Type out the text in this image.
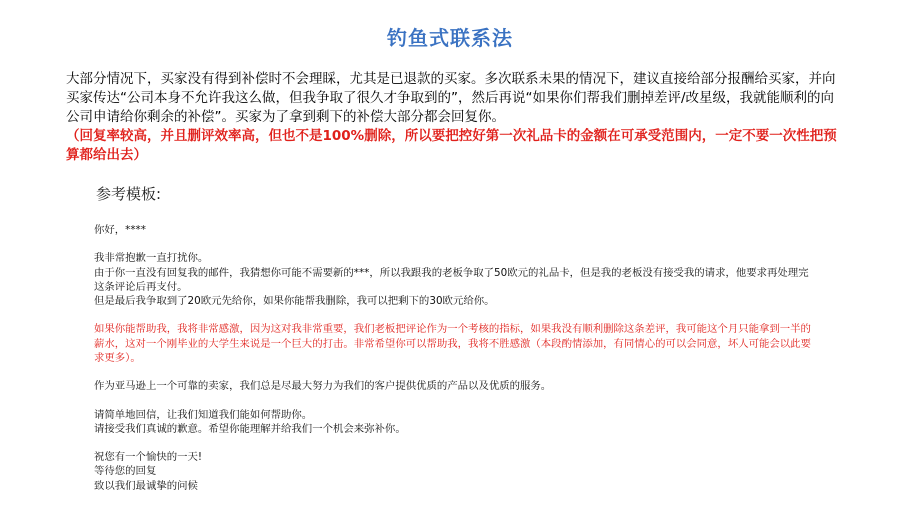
钓鱼式联系法
大部分情况下，买家没有得到补偿时不会理睬，尤其是已退款的买家。多次联系未果的情况下，建议直接给部分报酬给买家，并向买家传达“公司本身不允许我这么做，但我争取了很久才争取到的”，然后再说“如果你们帮我们删掉差评/改星级，我就能顺利的向公司申请给你剩余的补偿”。买家为了拿到剩下的补偿大部分都会回复你。
（回复率较高，并且删评效率高，但也不是100%删除，所以要把控好第一次礼品卡的金额在可承受范围内，一定不要一次性把预算都给出去）
参考模板:

你好，****

我非常抱歉一直打扰你。

由于你一直没有回复我的邮件，我猜想你可能不需要新的***，所以我跟我的老板争取了50欧元的礼品卡，但是我的老板没有接受我的请求，他要求再处理完这条评论后再支付。

但是最后我争取到了20欧元先给你，如果你能帮我删除，我可以把剩下的30欧元给你。

如果你能帮助我，我将非常感激，因为这对我非常重要，我们老板把评论作为一个考核的指标，如果我没有顺利删除这条差评，我可能这个月只能拿到一半的薪水，这对一个刚毕业的大学生来说是一个巨大的打击。非常希望你可以帮助我，我将不胜感激（本段酌情添加，有同情心的可以会同意，坏人可能会以此要求更多）。

作为亚马逊上一个可靠的卖家，我们总是尽最大努力为我们的客户提供优质的产品以及优质的服务。

请简单地回信，让我们知道我们能如何帮助你。

请接受我们真诚的歉意。希望你能理解并给我们一个机会来弥补你。

祝您有一个愉快的一天!

等待您的回复

致以我们最诚挚的问候
